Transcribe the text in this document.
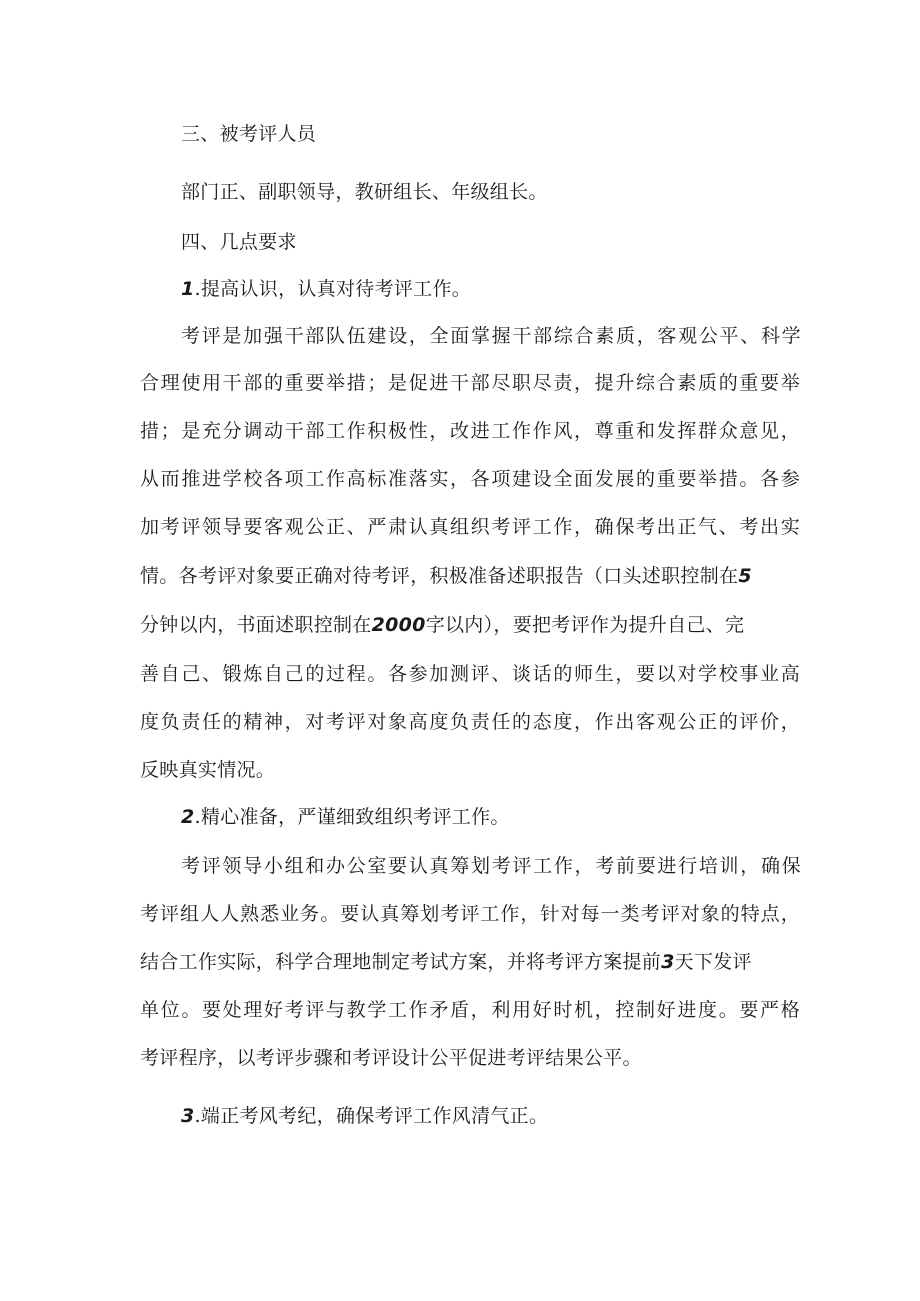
三、被考评人员
部门正、副职领导，教研组长、年级组长。
四、几点要求
1.提高认识，认真对待考评工作。
考评是加强干部队伍建设，全面掌握干部综合素质，客观公平、科学
合理使用干部的重要举措；是促进干部尽职尽责，提升综合素质的重要举
措；是充分调动干部工作积极性，改进工作作风，尊重和发挥群众意见，
从而推进学校各项工作高标准落实，各项建设全面发展的重要举措。各参
加考评领导要客观公正、严肃认真组织考评工作，确保考出正气、考出实
情。各考评对象要正确对待考评，积极准备述职报告（口头述职控制在5
分钟以内，书面述职控制在2000字以内），要把考评作为提升自己、完
善自己、锻炼自己的过程。各参加测评、谈话的师生，要以对学校事业高
度负责任的精神，对考评对象高度负责任的态度，作出客观公正的评价，
反映真实情况。
2.精心准备，严谨细致组织考评工作。
考评领导小组和办公室要认真筹划考评工作，考前要进行培训，确保
考评组人人熟悉业务。要认真筹划考评工作，针对每一类考评对象的特点，
结合工作实际，科学合理地制定考试方案，并将考评方案提前3天下发评
单位。要处理好考评与教学工作矛盾，利用好时机，控制好进度。要严格
考评程序，以考评步骤和考评设计公平促进考评结果公平。
3.端正考风考纪，确保考评工作风清气正。
